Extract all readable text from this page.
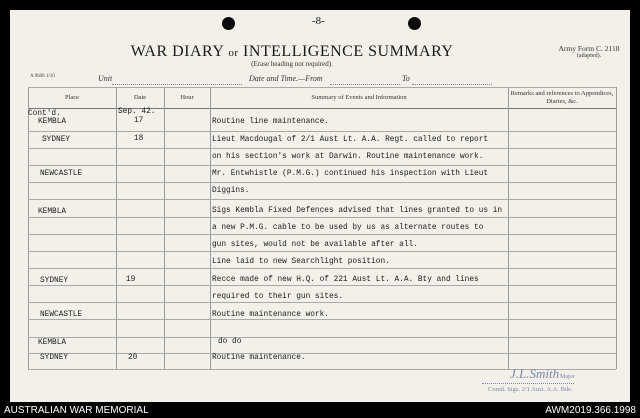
-8-
WAR DIARY or INTELLIGENCE SUMMARY
(Erase heading not required).
Army Form C. 2118
(adapted).
A 9608 1/10	Unit	Date and Time.—From	To
Place	Date	Hour	Summary of Events and Information
Remarks and references to Appendices, Diaries, &c.
Cont'd.	Sep. 42.
KEMBLA	17	Routine line maintenance.
SYDNEY	18	Lieut Macdougal of 2/1 Aust Lt. A.A. Regt. called to report
on his section's work at Darwin. Routine maintenance work.
NEWCASTLE	Mr. Entwhistle (P.M.G.) continued his inspection with Lieut
Diggins.
KEMBLA	Sigs Kembla Fixed Defences advised that lines granted to us in
a new P.M.G. cable to be used by us as alternate routes to
gun sites, would not be available after all.
Line laid to new Searchlight position.
SYDNEY	19	Recce made of new H.Q. of 221 Aust Lt. A.A. Bty and lines
required to their gun sites.
NEWCASTLE	Routine maintenance work.
KEMBLA	do do
SYDNEY	20	Routine maintenance.
J.L.Smith Major
Comd. Sigs. 2/1 Aust. A.A. Bde.
AUSTRALIAN WAR MEMORIAL	AWM2019.366.1998
